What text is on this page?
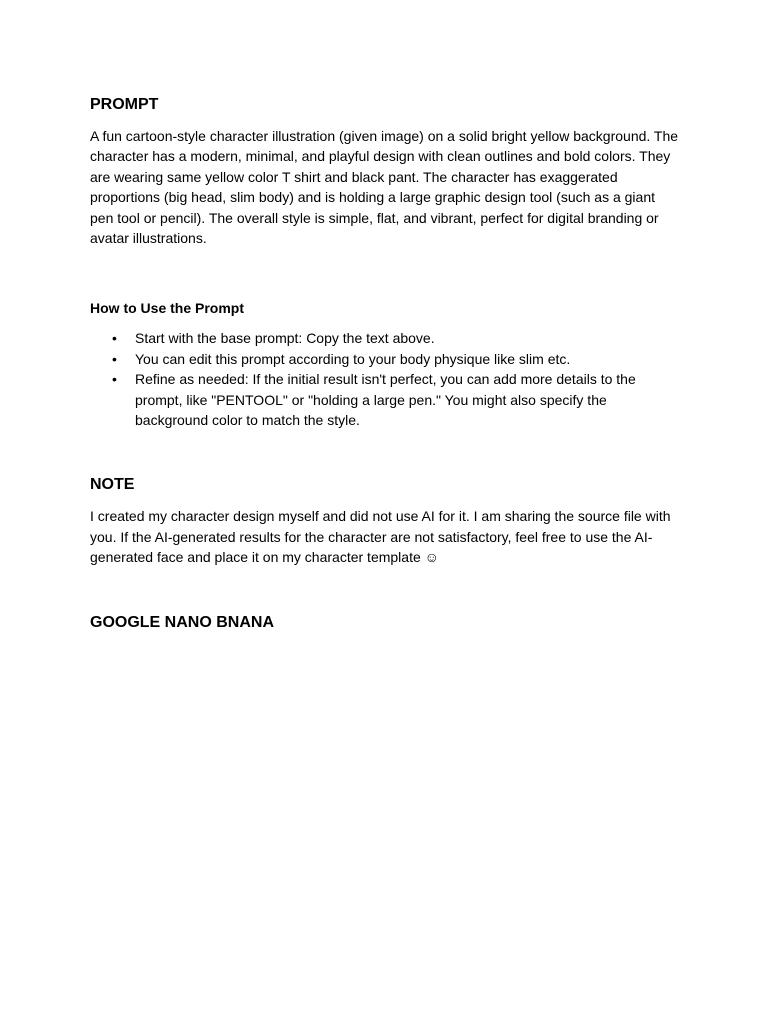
PROMPT

A fun cartoon-style character illustration (given image) on a solid bright yellow background. The character has a modern, minimal, and playful design with clean outlines and bold colors. They are wearing same yellow color T shirt and black pant. The character has exaggerated proportions (big head, slim body) and is holding a large graphic design tool (such as a giant pen tool or pencil). The overall style is simple, flat, and vibrant, perfect for digital branding or avatar illustrations.

How to Use the Prompt
• Start with the base prompt: Copy the text above.
• You can edit this prompt according to your body physique like slim etc.
• Refine as needed: If the initial result isn't perfect, you can add more details to the prompt, like "PENTOOL" or "holding a large pen." You might also specify the background color to match the style.
NOTE

I created my character design myself and did not use AI for it. I am sharing the source file with you. If the AI-generated results for the character are not satisfactory, feel free to use the AI-generated face and place it on my character template ☺

GOOGLE NANO BNANA
